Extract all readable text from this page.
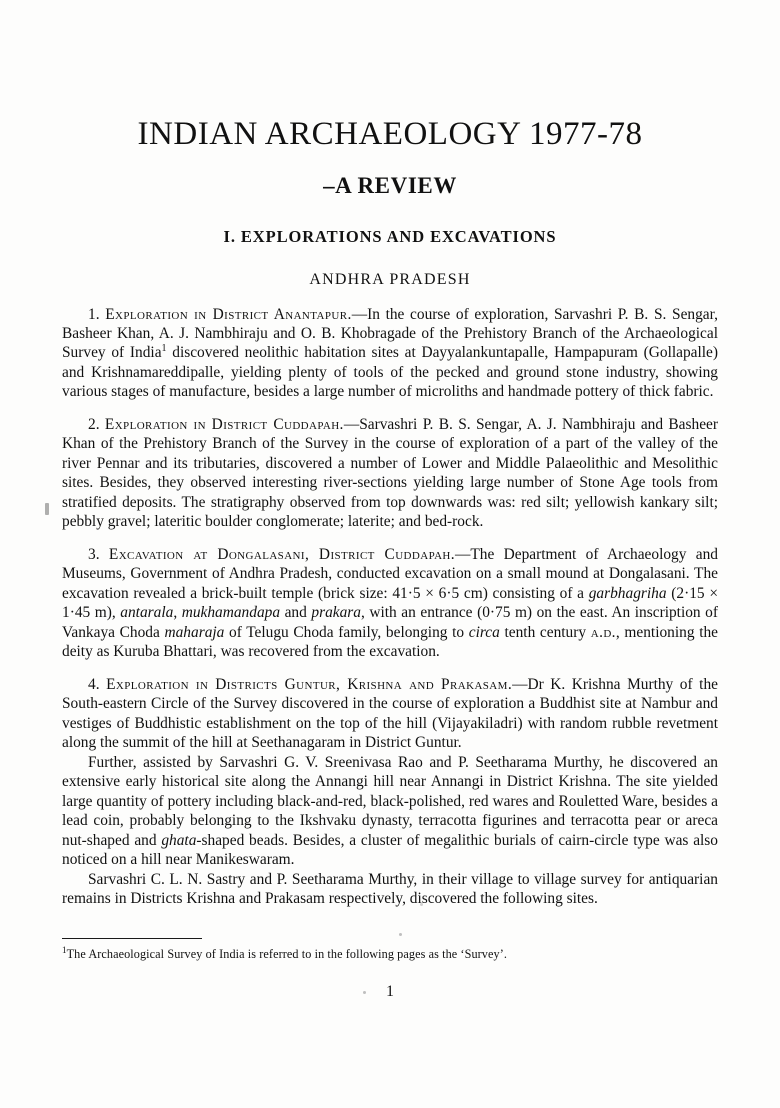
INDIAN ARCHAEOLOGY 1977-78
–A REVIEW
I. EXPLORATIONS AND EXCAVATIONS
ANDHRA PRADESH

1. Exploration in District Anantapur.—In the course of exploration, Sarvashri P. B. S. Sengar, Basheer Khan, A. J. Nambhiraju and O. B. Khobragade of the Prehistory Branch of the Archaeological Survey of India$^1$ discovered neolithic habitation sites at Dayyalankuntapalle, Hampapuram (Gollapalle) and Krishnamareddipalle, yielding plenty of tools of the pecked and ground stone industry, showing various stages of manufacture, besides a large number of microliths and handmade pottery of thick fabric.

2. Exploration in District Cuddapah.—Sarvashri P. B. S. Sengar, A. J. Nambhiraju and Basheer Khan of the Prehistory Branch of the Survey in the course of exploration of a part of the valley of the river Pennar and its tributaries, discovered a number of Lower and Middle Palaeolithic and Mesolithic sites. Besides, they observed interesting river-sections yielding large number of Stone Age tools from stratified deposits. The stratigraphy observed from top downwards was: red silt; yellowish kankary silt; pebbly gravel; lateritic boulder conglomerate; laterite; and bed-rock.

3. Excavation at Dongalasani, District Cuddapah.—The Department of Archaeology and Museums, Government of Andhra Pradesh, conducted excavation on a small mound at Dongalasani. The excavation revealed a brick-built temple (brick size: 41·5 × 6·5 cm) consisting of a garbhagriha (2·15 × 1·45 m), antarala, mukhamandapa and prakara, with an entrance (0·75 m) on the east. An inscription of Vankaya Choda maharaja of Telugu Choda family, belonging to circa tenth century a.d., mentioning the deity as Kuruba Bhattari, was recovered from the excavation.

4. Exploration in Districts Guntur, Krishna and Prakasam.—Dr K. Krishna Murthy of the South-eastern Circle of the Survey discovered in the course of exploration a Buddhist site at Nambur and vestiges of Buddhistic establishment on the top of the hill (Vijayakiladri) with random rubble revetment along the summit of the hill at Seethanagaram in District Guntur.

Further, assisted by Sarvashri G. V. Sreenivasa Rao and P. Seetharama Murthy, he discovered an extensive early historical site along the Annangi hill near Annangi in District Krishna. The site yielded large quantity of pottery including black-and-red, black-polished, red wares and Rouletted Ware, besides a lead coin, probably belonging to the Ikshvaku dynasty, terracotta figurines and terracotta pear or areca nut-shaped and ghata-shaped beads. Besides, a cluster of megalithic burials of cairn-circle type was also noticed on a hill near Manikeswaram.

Sarvashri C. L. N. Sastry and P. Seetharama Murthy, in their village to village survey for antiquarian remains in Districts Krishna and Prakasam respectively, discovered the following sites.

$^1$The Archaeological Survey of India is referred to in the following pages as the ‘Survey’.

1
